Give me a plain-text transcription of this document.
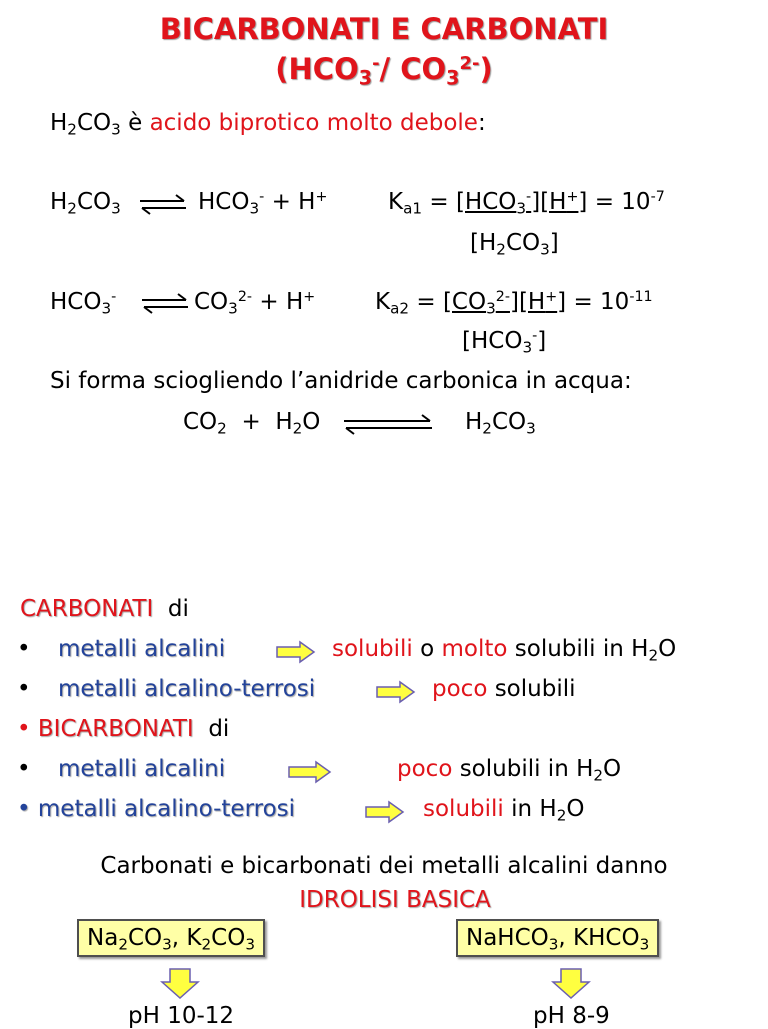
BICARBONATI E CARBONATI
($HCO_3^-/$ $CO_3^{2-}$)
$H_2CO_3$ è acido biprotico molto debole:
$H_2CO_3$ ⇌ $HCO_3^- + H^+$	$K_{a1} = [HCO_3^-][H^+] = 10^{-7}$
$[H_2CO_3]$
$HCO_3^-$ ⇌ $CO_3^{2-} + H^+$	$K_{a2} = [CO_3^{2-}][H^+] = 10^{-11}$
$[HCO_3^-]$
Si forma sciogliendo l’anidride carbonica in acqua:
$CO_2 + H_2O$	$H_2CO_3$
CARBONATI di
• metalli alcalini	solubili o molto solubili in $H_2O$
• metalli alcalino-terrosi	poco solubili
• BICARBONATI di
• metalli alcalini	poco solubili in $H_2O$
• metalli alcalino-terrosi	solubili in $H_2O$
Carbonati e bicarbonati dei metalli alcalini danno
IDROLISI BASICA
$Na_2CO_3$, $K_2CO_3$	NaHCO$_3$, $KHCO_3$
pH 10-12	pH 8-9
